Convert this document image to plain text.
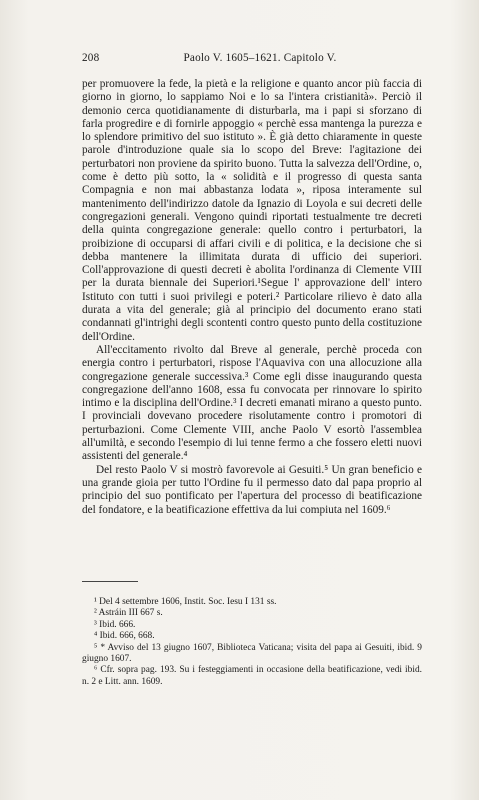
208	Paolo V. 1605–1621. Capitolo V.

per promuovere la fede, la pietà e la religione e quanto ancor più faccia di giorno in giorno, lo sappiamo Noi e lo sa l'intera cristianità». Perciò il demonio cerca quotidianamente di disturbarla, ma i papi si sforzano di farla progredire e di fornirle appoggio « perchè essa mantenga la purezza e lo splendore primitivo del suo istituto ». È già detto chiaramente in queste parole d'introduzione quale sia lo scopo del Breve: l'agitazione dei perturbatori non proviene da spirito buono. Tutta la salvezza dell'Ordine, o, come è detto più sotto, la « solidità e il progresso di questa santa Compagnia e non mai abbastanza lodata », riposa interamente sul mantenimento dell'indirizzo datole da Ignazio di Loyola e sui decreti delle congregazioni generali. Vengono quindi riportati testualmente tre decreti della quinta congregazione generale: quello contro i perturbatori, la proibizione di occuparsi di affari civili e di politica, e la decisione che si debba mantenere la illimitata durata di ufficio dei superiori. Coll'approvazione di questi decreti è abolita l'ordinanza di Clemente VIII per la durata biennale dei Superiori.¹Segue l' approvazione dell' intero Istituto con tutti i suoi privilegi e poteri.² Particolare rilievo è dato alla durata a vita del generale; già al principio del documento erano stati condannati gl'intrighi degli scontenti contro questo punto della costituzione dell'Ordine.

All'eccitamento rivolto dal Breve al generale, perchè proceda con energia contro i perturbatori, rispose l'Aquaviva con una allocuzione alla congregazione generale successiva.³ Come egli disse inaugurando questa congregazione dell'anno 1608, essa fu convocata per rinnovare lo spirito intimo e la disciplina dell'Ordine.³ I decreti emanati mirano a questo punto. I provinciali dovevano procedere risolutamente contro i promotori di perturbazioni. Come Clemente VIII, anche Paolo V esortò l'assemblea all'umiltà, e secondo l'esempio di lui tenne fermo a che fossero eletti nuovi assistenti del generale.⁴

Del resto Paolo V si mostrò favorevole ai Gesuiti.⁵ Un gran beneficio e una grande gioia per tutto l'Ordine fu il permesso dato dal papa proprio al principio del suo pontificato per l'apertura del processo di beatificazione del fondatore, e la beatificazione effettiva da lui compiuta nel 1609.⁶

¹ Del 4 settembre 1606, Instit. Soc. Iesu I 131 ss.

² Astráin III 667 s.

³ Ibid. 666.

⁴ Ibid. 666, 668.

⁵ * Avviso del 13 giugno 1607, Biblioteca Vaticana; visita del papa ai Gesuiti, ibid. 9 giugno 1607.

⁶ Cfr. sopra pag. 193. Su i festeggiamenti in occasione della beatificazione, vedi ibid. n. 2 e Litt. ann. 1609.
